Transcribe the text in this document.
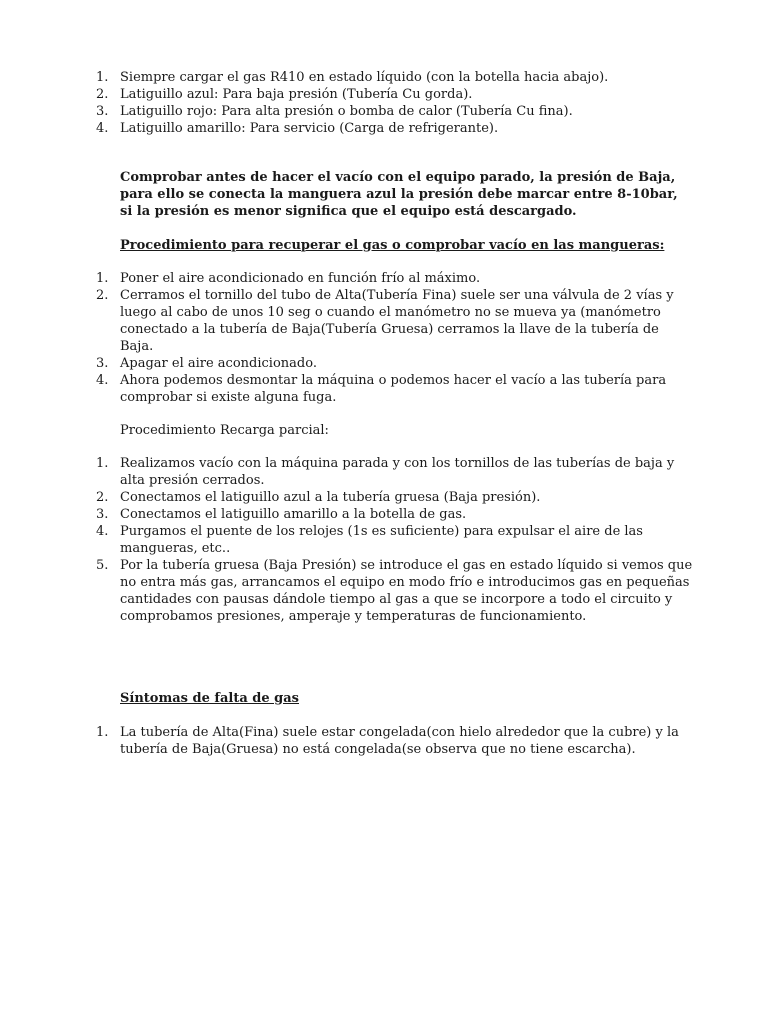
1. Siempre cargar el gas R410 en estado líquido (con la botella hacia abajo).
2. Latiguillo azul: Para baja presión (Tubería Cu gorda).
3. Latiguillo rojo: Para alta presión o bomba de calor (Tubería Cu fina).
4. Latiguillo amarillo: Para servicio (Carga de refrigerante).

Comprobar antes de hacer el vacío con el equipo parado, la presión de Baja, para ello se conecta la manguera azul la presión debe marcar entre 8-10bar, si la presión es menor significa que el equipo está descargado.

Procedimiento para recuperar el gas o comprobar vacío en las mangueras:

1. Poner el aire acondicionado en función frío al máximo.
2. Cerramos el tornillo del tubo de Alta(Tubería Fina) suele ser una válvula de 2 vías y luego al cabo de unos 10 seg o cuando el manómetro no se mueva ya (manómetro conectado a la tubería de Baja(Tubería Gruesa) cerramos la llave de la tubería de Baja.
3. Apagar el aire acondicionado.
4. Ahora podemos desmontar la máquina o podemos hacer el vacío a las tubería para comprobar si existe alguna fuga.

Procedimiento Recarga parcial:

1. Realizamos vacío con la máquina parada y con los tornillos de las tuberías de baja y alta presión cerrados.
2. Conectamos el latiguillo azul a la tubería gruesa (Baja presión).
3. Conectamos el latiguillo amarillo a la botella de gas.
4. Purgamos el puente de los relojes (1s es suficiente) para expulsar el aire de las mangueras, etc..
5. Por la tubería gruesa (Baja Presión) se introduce el gas en estado líquido si vemos que no entra más gas, arrancamos el equipo en modo frío e introducimos gas en pequeñas cantidades con pausas dándole tiempo al gas a que se incorpore a todo el circuito y comprobamos presiones, amperaje y temperaturas de funcionamiento.

Síntomas de falta de gas

1. La tubería de Alta(Fina) suele estar congelada(con hielo alrededor que la cubre) y la tubería de Baja(Gruesa) no está congelada(se observa que no tiene escarcha).
